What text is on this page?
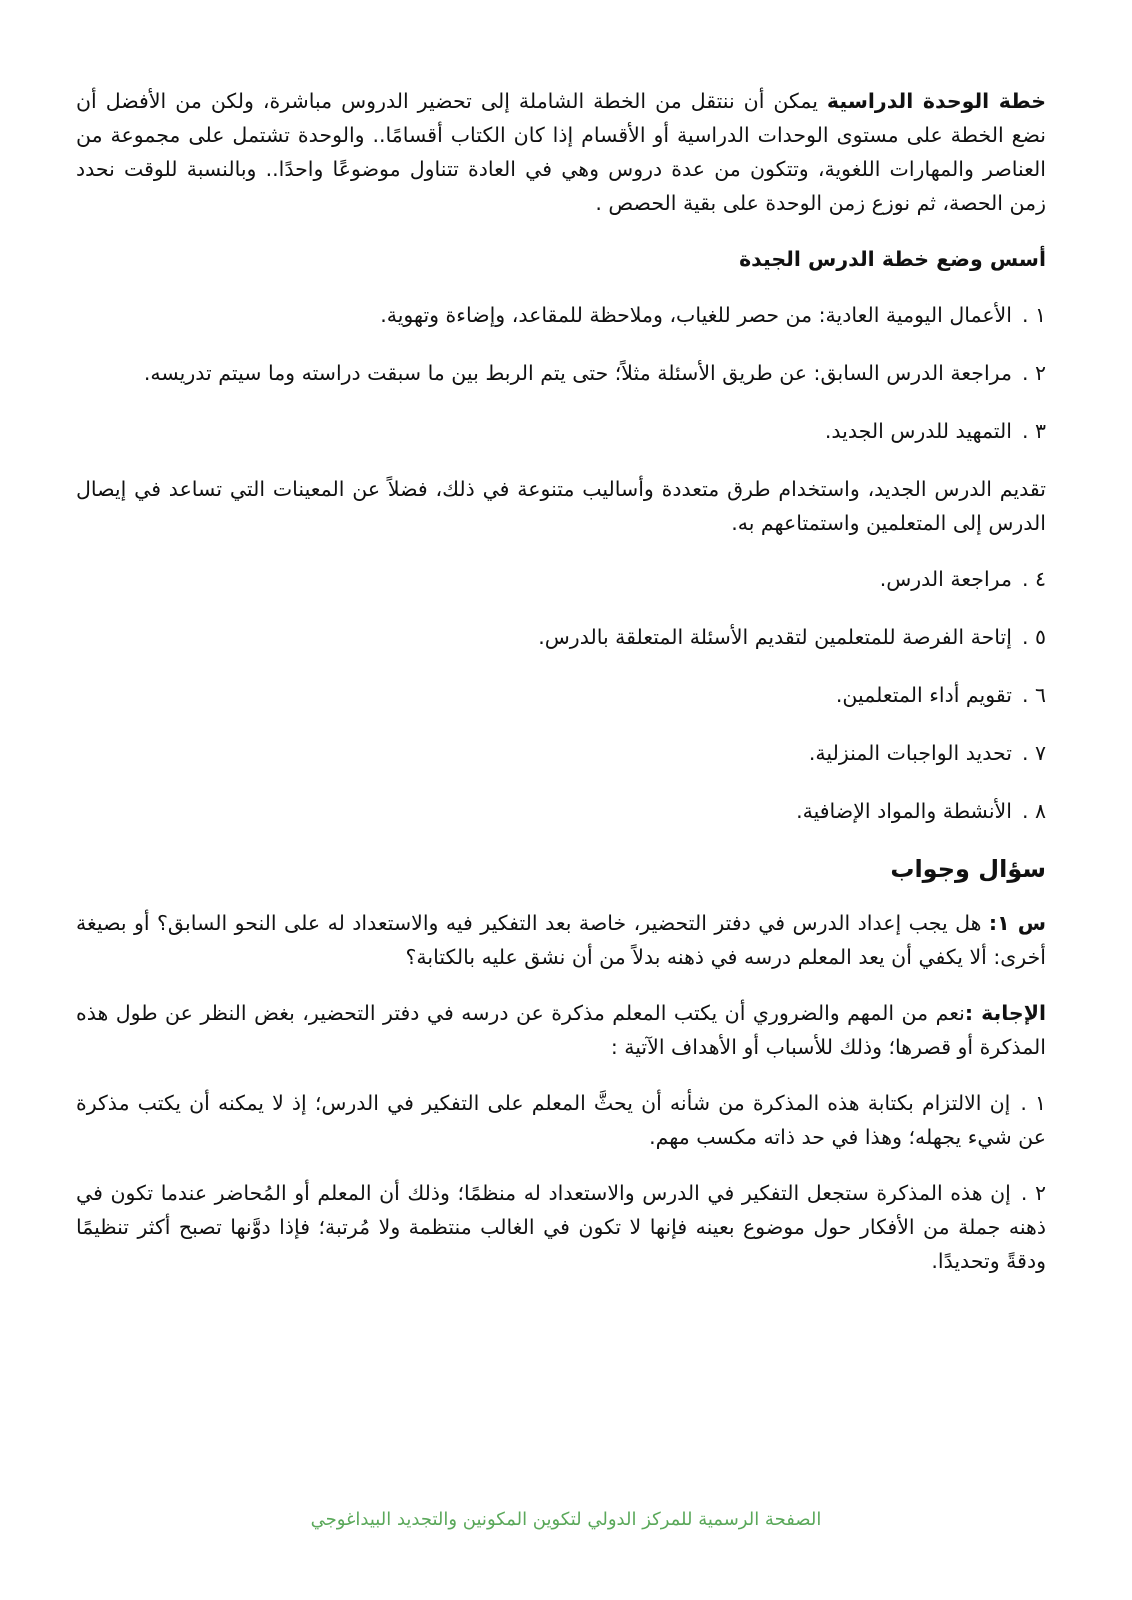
خطة الوحدة الدراسية يمكن أن ننتقل من الخطة الشاملة إلى تحضير الدروس مباشرة، ولكن من الأفضل أن نضع الخطة على مستوى الوحدات الدراسية أو الأقسام إذا كان الكتاب أقسامًا.. والوحدة تشتمل على مجموعة من العناصر والمهارات اللغوية، وتتكون من عدة دروس وهي في العادة تتناول موضوعًا واحدًا.. وبالنسبة للوقت نحدد زمن الحصة، ثم نوزع زمن الوحدة على بقية الحصص .

أسس وضع خطة الدرس الجيدة

١ .الأعمال اليومية العادية: من حصر للغياب، وملاحظة للمقاعد، وإضاءة وتهوية.

٢ .مراجعة الدرس السابق: عن طريق الأسئلة مثلاً؛ حتى يتم الربط بين ما سبقت دراسته وما سيتم تدريسه.

٣ .التمهيد للدرس الجديد.

تقديم الدرس الجديد، واستخدام طرق متعددة وأساليب متنوعة في ذلك، فضلاً عن المعينات التي تساعد في إيصال الدرس إلى المتعلمين واستمتاعهم به.

٤ .مراجعة الدرس.

٥ .إتاحة الفرصة للمتعلمين لتقديم الأسئلة المتعلقة بالدرس.

٦ .تقويم أداء المتعلمين.

٧ .تحديد الواجبات المنزلية.

٨ .الأنشطة والمواد الإضافية.

سؤال وجواب

س ١: هل يجب إعداد الدرس في دفتر التحضير، خاصة بعد التفكير فيه والاستعداد له على النحو السابق؟ أو بصيغة أخرى: ألا يكفي أن يعد المعلم درسه في ذهنه بدلاً من أن نشق عليه بالكتابة؟

الإجابة :نعم من المهم والضروري أن يكتب المعلم مذكرة عن درسه في دفتر التحضير، بغض النظر عن طول هذه المذكرة أو قصرها؛ وذلك للأسباب أو الأهداف الآتية :

١ .إن الالتزام بكتابة هذه المذكرة من شأنه أن يحثَّ المعلم على التفكير في الدرس؛ إذ لا يمكنه أن يكتب مذكرة عن شيء يجهله؛ وهذا في حد ذاته مكسب مهم.

٢ .إن هذه المذكرة ستجعل التفكير في الدرس والاستعداد له منظمًا؛ وذلك أن المعلم أو المُحاضر عندما تكون في ذهنه جملة من الأفكار حول موضوع بعينه فإنها لا تكون في الغالب منتظمة ولا مُرتبة؛ فإذا دوَّنها تصبح أكثر تنظيمًا ودقةً وتحديدًا.

الصفحة الرسمية للمركز الدولي لتكوين المكونين والتجديد البيداغوجي
